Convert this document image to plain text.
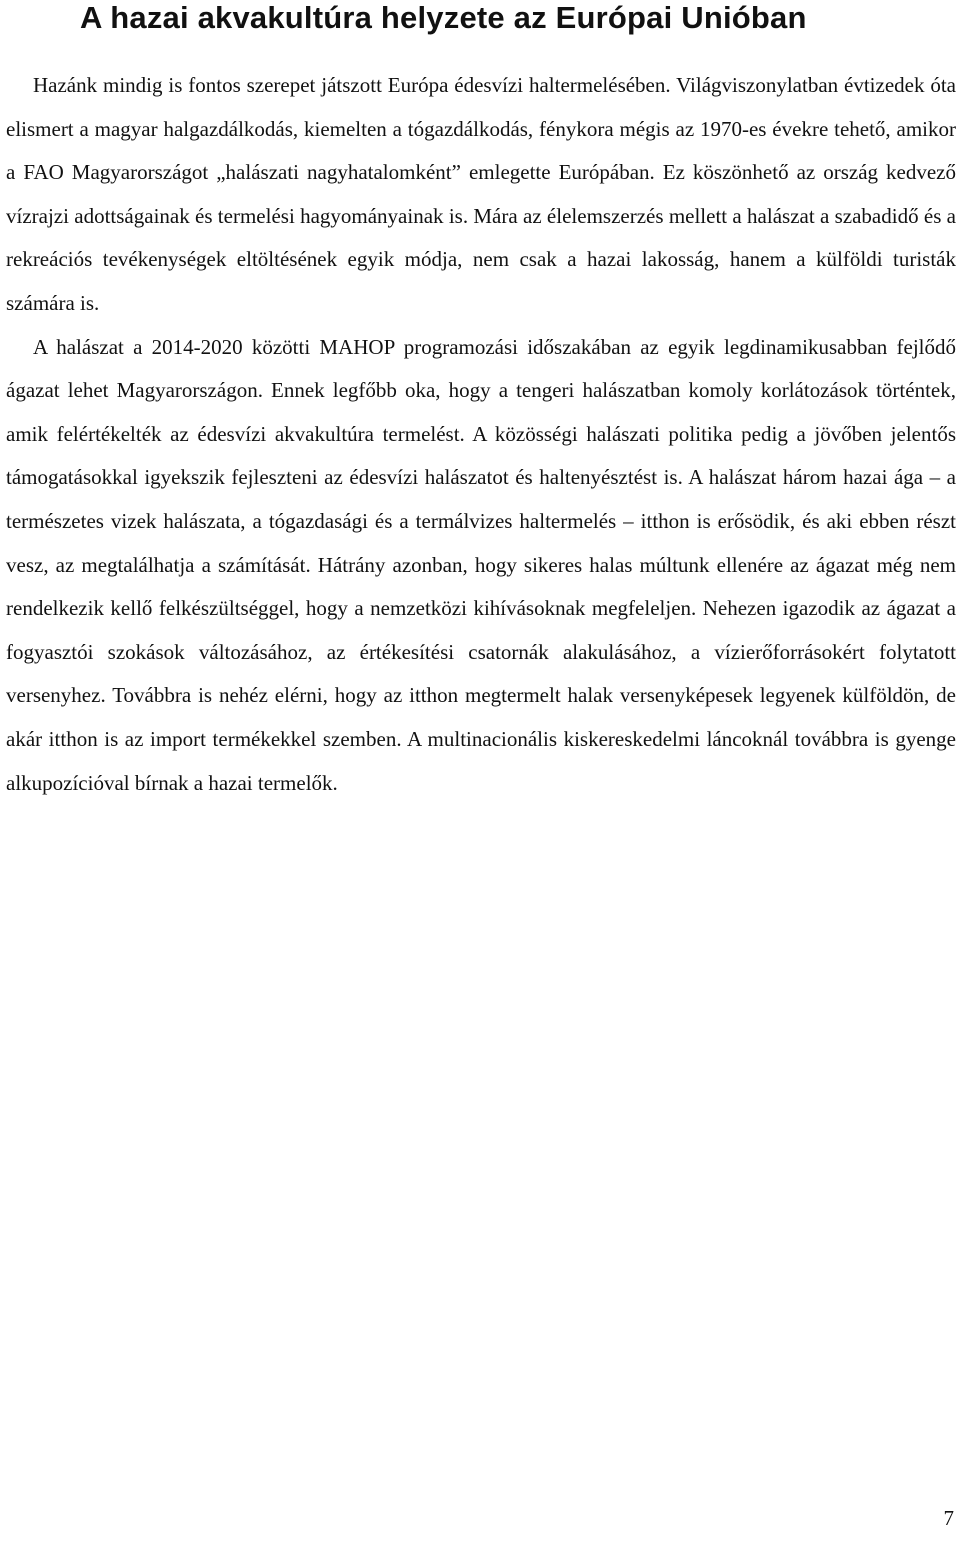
A hazai akvakultúra helyzete az Európai Unióban

Hazánk mindig is fontos szerepet játszott Európa édesvízi haltermelésében. Világviszonylatban évtizedek óta elismert a magyar halgazdálkodás, kiemelten a tógazdálkodás, fénykora mégis az 1970-es évekre tehető, amikor a FAO Magyarországot „halászati nagyhatalomként” emlegette Európában. Ez köszönhető az ország kedvező vízrajzi adottságainak és termelési hagyományainak is. Mára az élelemszerzés mellett a halászat a szabadidő és a rekreációs tevékenységek eltöltésének egyik módja, nem csak a hazai lakosság, hanem a külföldi turisták számára is.

A halászat a 2014-2020 közötti MAHOP programozási időszakában az egyik legdinamikusabban fejlődő ágazat lehet Magyarországon. Ennek legfőbb oka, hogy a tengeri halászatban komoly korlátozások történtek, amik felértékelték az édesvízi akvakultúra termelést. A közösségi halászati politika pedig a jövőben jelentős támogatásokkal igyekszik fejleszteni az édesvízi halászatot és haltenyésztést is. A halászat három hazai ága – a természetes vizek halászata, a tógazdasági és a termálvizes haltermelés – itthon is erősödik, és aki ebben részt vesz, az megtalálhatja a számítását. Hátrány azonban, hogy sikeres halas múltunk ellenére az ágazat még nem rendelkezik kellő felkészültséggel, hogy a nemzetközi kihívásoknak megfeleljen. Nehezen igazodik az ágazat a fogyasztói szokások változásához, az értékesítési csatornák alakulásához, a vízierőforrásokért folytatott versenyhez. Továbbra is nehéz elérni, hogy az itthon megtermelt halak versenyképesek legyenek külföldön, de akár itthon is az import termékekkel szemben. A multinacionális kiskereskedelmi láncoknál továbbra is gyenge alkupozícióval bírnak a hazai termelők.

7
